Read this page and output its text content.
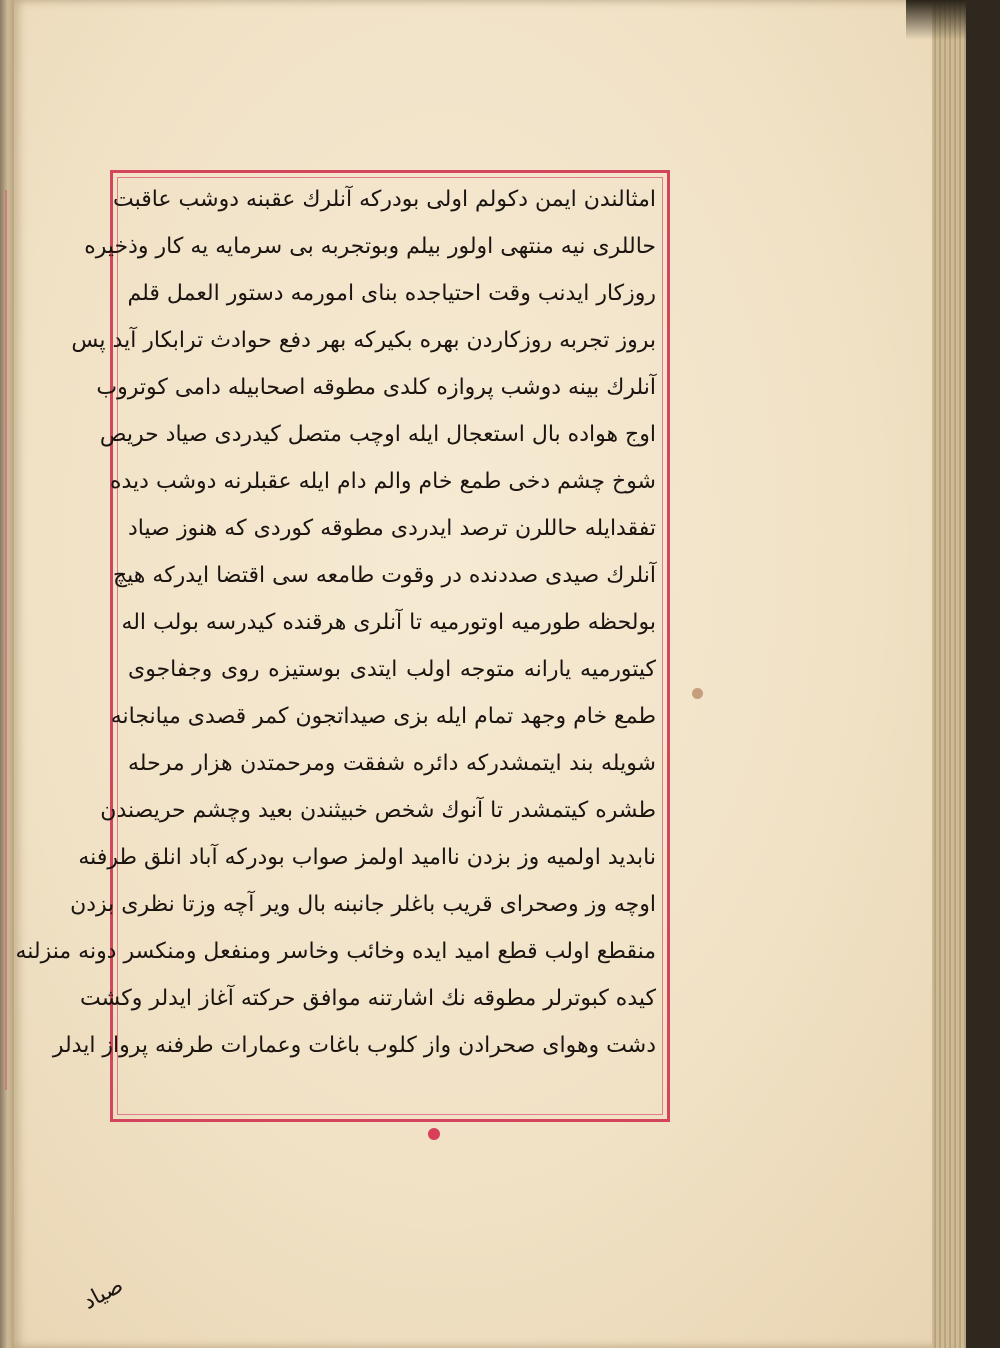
امثالندن ایمن دکولم اولی بودرکه آنلرك عقبنه دوشب عاقبت
حاللری نیه منتهی اولور بیلم وبوتجربه بی سرمایه یه کار وذخیره
روزکار ایدنب وقت احتیاجده بنای امورمه دستور العمل قلم
بروز تجربه روزکاردن بهره بکیرکه بهر دفع حوادث ترابکار آید پس
آنلرك بینه دوشب پروازه کلدی مطوقه اصحابیله دامی کوتروب
اوج هواده بال استعجال ایله اوچب متصل کیدردی صیاد حریص
شوخ چشم دخی طمع خام والم دام ایله عقبلرنه دوشب دیده
تفقدایله حاللرن ترصد ایدردی مطوقه کوردی که هنوز صیاد
آنلرك صیدی صددنده در وقوت طامعه سی اقتضا ایدرکه هیچ
بولحظه طورمیه اوتورمیه تا آنلری هرقنده کیدرسه بولب اله
کیتورمیه یارانه متوجه اولب ایتدی بوستیزه روی وجفاجوی
طمع خام وجهد تمام ایله بزی صیداتجون کمر قصدی میانجانه
شویله بند ایتمشدرکه دائره شفقت ومرحمتدن هزار مرحله
طشره کیتمشدر تا آنوك شخص خبیثندن بعید وچشم حریصندن
نابدید اولمیه وز بزدن ناامید اولمز صواب بودرکه آباد انلق طرفنه
اوچه وز وصحرای قریب باغلر جانبنه بال ویر آچه وزتا نظری بزدن
منقطع اولب قطع امید ایده وخائب وخاسر ومنفعل ومنکسر دونه منزلنه
کیده کبوترلر مطوقه نك اشارتنه موافق حرکته آغاز ایدلر وکشت
دشت وهوای صحرادن واز کلوب باغات وعمارات طرفنه پرواز ایدلر
صیاد
